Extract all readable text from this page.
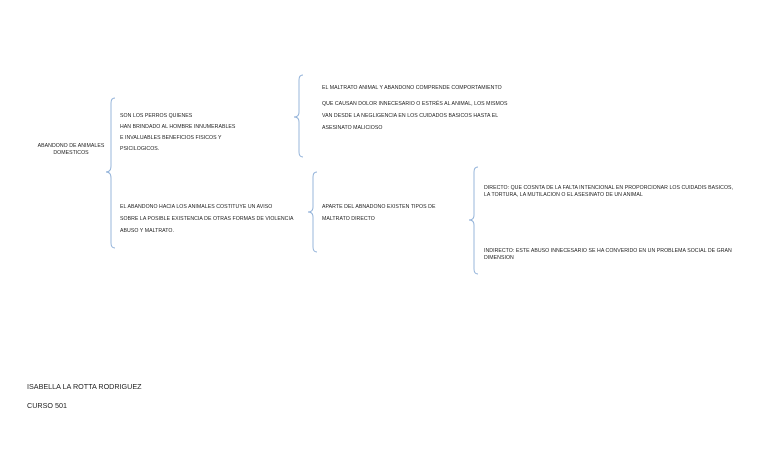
ABANDONO DE ANIMALES
DOMESTICOS
SON LOS PERROS QUIENES
HAN BRINDADO AL HOMBRE INNUMERABLES
E INVALUABLES BENEFICIOS FISICOS Y
PSICILOGICOS.
EL ABANDONO HACIA LOS ANIMALES COSTITUYE UN AVISO
SOBRE LA POSIBLE EXISTENCIA DE OTRAS FORMAS DE VIOLENCIA
ABUSO Y MALTRATO.
EL MALTRATO ANIMAL Y ABANDONO COMPRENDE COMPORTAMIENTO
QUE CAUSAN DOLOR INNECESARIO O ESTRÉS AL ANIMAL, LOS MISMOS
VAN DESDE LA NEGLIGENCIA EN LOS CUIDADOS BASICOS HASTA EL
ASESINATO MALICIOSO
APARTE DEL ABNADONO EXISTEN TIPOS DE
MALTRATO DIRECTO
DIRECTO: QUE COSNTA DE LA FALTA INTENCIONAL EN PROPORCIONAR LOS CUIDADIS BASICOS, LA TORTURA, LA MUTILACION O EL ASESINATO DE UN ANIMAL
INDIRECTO: ESTE ABUSO INNECESARIO SE HA CONVERIDO EN UN PROBLEMA SOCIAL DE GRAN DIMENSION
ISABELLA LA ROTTA RODRIGUEZ
CURSO 501
